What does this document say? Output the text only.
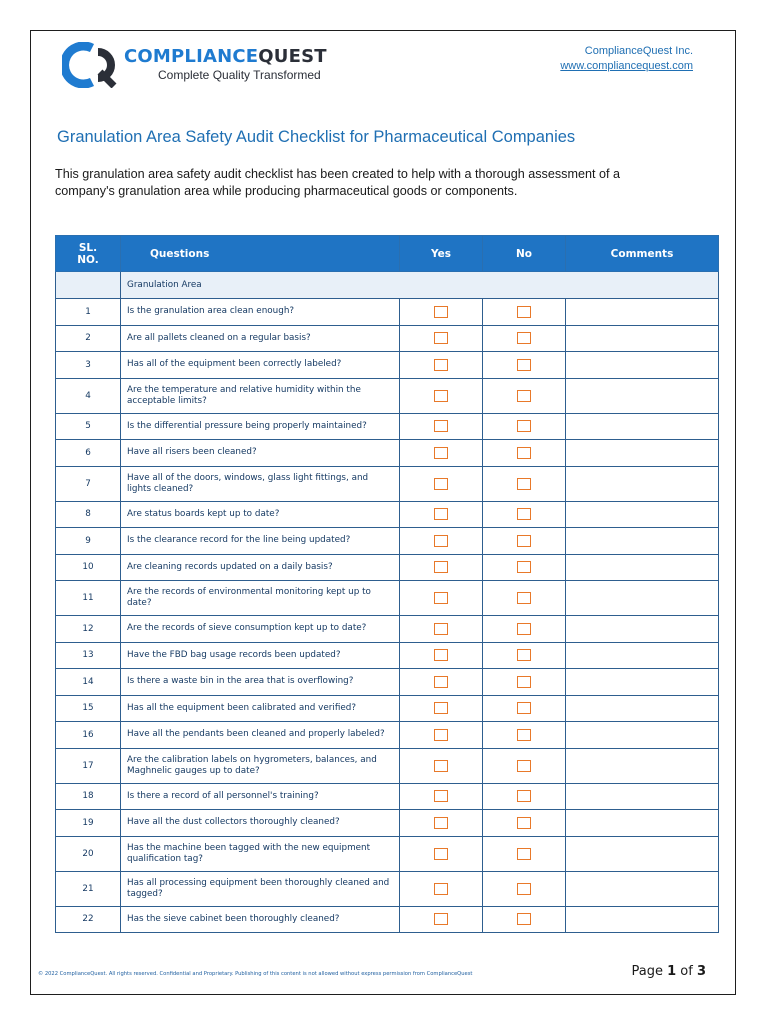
COMPLIANCEQUEST
Complete Quality Transformed
ComplianceQuest Inc.
www.compliancequest.com
Granulation Area Safety Audit Checklist for Pharmaceutical Companies
This granulation area safety audit checklist has been created to help with a thorough assessment of a company's granulation area while producing pharmaceutical goods or components.
SL.
NO.	Questions	Yes	No	Comments
	Granulation Area			
1	Is the granulation area clean enough?			
2	Are all pallets cleaned on a regular basis?			
3	Has all of the equipment been correctly labeled?			
4	Are the temperature and relative humidity within the acceptable limits?			
5	Is the differential pressure being properly maintained?			
6	Have all risers been cleaned?			
7	Have all of the doors, windows, glass light fittings, and lights cleaned?			
8	Are status boards kept up to date?			
9	Is the clearance record for the line being updated?			
10	Are cleaning records updated on a daily basis?			
11	Are the records of environmental monitoring kept up to date?			
12	Are the records of sieve consumption kept up to date?			
13	Have the FBD bag usage records been updated?			
14	Is there a waste bin in the area that is overflowing?			
15	Has all the equipment been calibrated and verified?			
16	Have all the pendants been cleaned and properly labeled?			
17	Are the calibration labels on hygrometers, balances, and Maghnelic gauges up to date?			
18	Is there a record of all personnel's training?			
19	Have all the dust collectors thoroughly cleaned?			
20	Has the machine been tagged with the new equipment qualification tag?			
21	Has all processing equipment been thoroughly cleaned and tagged?			
22	Has the sieve cabinet been thoroughly cleaned?			
© 2022 ComplianceQuest. All rights reserved. Confidential and Proprietary. Publishing of this content is not allowed without express permission from ComplianceQuest	Page 1 of 3
